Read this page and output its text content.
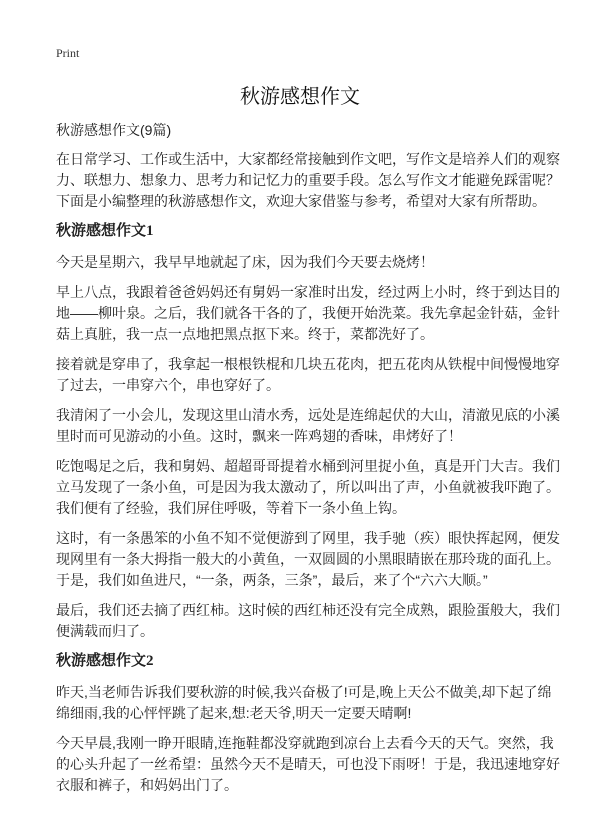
Print
秋游感想作文
秋游感想作文(9篇)
在日常学习、工作或生活中，大家都经常接触到作文吧，写作文是培养人们的观察
力、联想力、想象力、思考力和记忆力的重要手段。怎么写作文才能避免踩雷呢？
下面是小编整理的秋游感想作文，欢迎大家借鉴与参考，希望对大家有所帮助。
秋游感想作文1
今天是星期六，我早早地就起了床，因为我们今天要去烧烤！
早上八点，我跟着爸爸妈妈还有舅妈一家准时出发，经过两上小时，终于到达目的
地——柳叶泉。之后，我们就各干各的了，我便开始洗菜。我先拿起金针菇，金针
菇上真脏，我一点一点地把黑点抠下来。终于，菜都洗好了。
接着就是穿串了，我拿起一根根铁棍和几块五花肉，把五花肉从铁棍中间慢慢地穿
了过去，一串穿六个，串也穿好了。
我清闲了一小会儿，发现这里山清水秀，远处是连绵起伏的大山，清澈见底的小溪
里时而可见游动的小鱼。这时，飘来一阵鸡翅的香味，串烤好了！
吃饱喝足之后，我和舅妈、超超哥哥提着水桶到河里捉小鱼，真是开门大吉。我们
立马发现了一条小鱼，可是因为我太激动了，所以叫出了声，小鱼就被我吓跑了。
我们便有了经验，我们屏住呼吸，等着下一条小鱼上钩。
这时，有一条愚笨的小鱼不知不觉便游到了网里，我手驰（疾）眼快挥起网，便发
现网里有一条大拇指一般大的小黄鱼，一双圆圆的小黑眼睛嵌在那玲珑的面孔上。
于是，我们如鱼进尺，“一条，两条，三条”，最后，来了个“六六大顺。”
最后，我们还去摘了西红柿。这时候的西红柿还没有完全成熟，跟脸蛋般大，我们
便满载而归了。
秋游感想作文2
昨天,当老师告诉我们要秋游的时候,我兴奋极了!可是,晚上天公不做美,却下起了绵
绵细雨,我的心怦怦跳了起来,想:老天爷,明天一定要天晴啊!
今天早晨,我刚一睁开眼睛,连拖鞋都没穿就跑到凉台上去看今天的天气。突然，我
的心头升起了一丝希望：虽然今天不是晴天，可也没下雨呀！于是，我迅速地穿好
衣服和裤子，和妈妈出门了。
